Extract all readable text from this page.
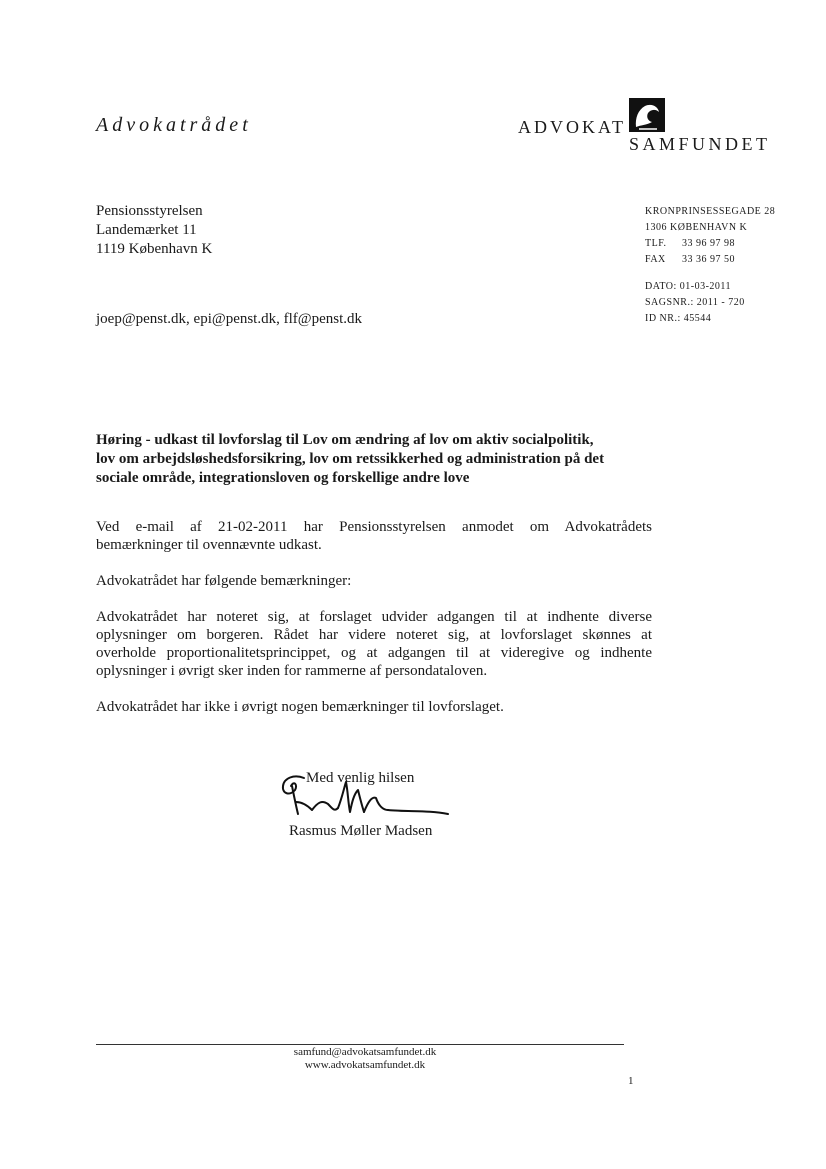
Advokatrådet	ADVOKAT
SAMFUNDET
Pensionsstyrelsen
Landemærket 11
1119 København K
joep@penst.dk, epi@penst.dk, flf@penst.dk
KRONPRINSESSEGADE 28
1306 KØBENHAVN K
TLF. 33 96 97 98
FAX 33 36 97 50
DATO: 01-03-2011
SAGSNR.: 2011 - 720
ID NR.: 45544
Høring - udkast til lovforslag til Lov om ændring af lov om aktiv socialpolitik,
lov om arbejdsløshedsforsikring, lov om retssikkerhed og administration på det
sociale område, integrationsloven og forskellige andre love

Ved e-mail af 21-02-2011 har Pensionsstyrelsen anmodet om Advokatrådets
bemærkninger til ovennævnte udkast.

Advokatrådet har følgende bemærkninger:

Advokatrådet har noteret sig, at forslaget udvider adgangen til at indhente diverse
oplysninger om borgeren. Rådet har videre noteret sig, at lovforslaget skønnes at
overholde proportionalitetsprincippet, og at adgangen til at videregive og indhente
oplysninger i øvrigt sker inden for rammerne af persondataloven.

Advokatrådet har ikke i øvrigt nogen bemærkninger til lovforslaget.

Med venlig hilsen
Rasmus Møller Madsen
samfund@advokatsamfundet.dk
www.advokatsamfundet.dk
1
